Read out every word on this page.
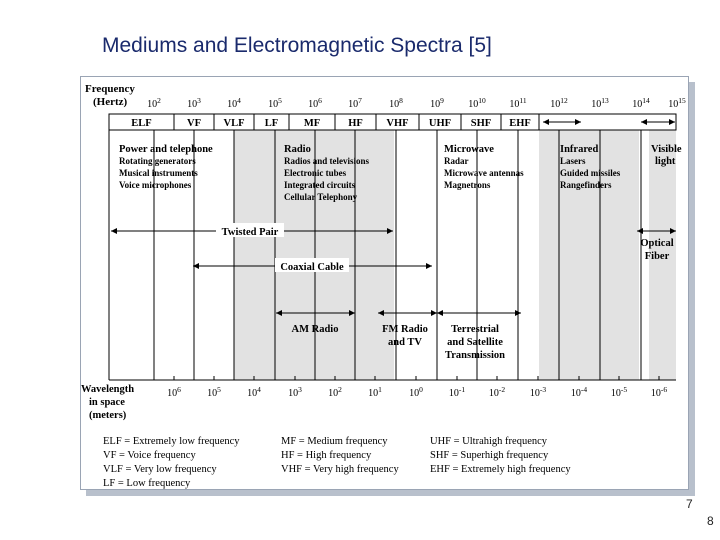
Mediums and Electromagnetic Spectra [5]
Frequency
(Hertz) $10^2$	$10^3$	$10^4$	$10^5$	$10^6$	$10^7$	$10^8$	$10^9$ $10^{10}$ $10^{11}$ $10^{12}$ $10^{13}$ $10^{14}$ $10^{15}$
ELF	VF VLF LF MF	HF VHF UHF SHF EHF
Power and telephone
Rotating generators
Musical instruments
Voice microphones
Radio
Radios and televisions
Electronic tubes
Integrated circuits
Cellular Telephony
Microwave
Radar
Microwave antennas
Magnetrons
Infrared
Lasers
Guided missiles
Rangefinders
Visible
light
Twisted Pair
Coaxial Cable
Optical
Fiber
AM Radio	FM Radio
and TV
Terrestrial
and Satellite
Transmission
Wavelength
in space
(meters)
$10^6$	$10^5$	$10^4$	$10^3$	$10^2$	$10^1$	$10^0$	$10^{-1}$ $10^{-2}$ $10^{-3}$ $10^{-4}$ $10^{-5}$ $10^{-6}$
ELF = Extremely low frequency	MF = Medium frequency	UHF = Ultrahigh frequency
VF = Voice frequency	HF = High frequency	SHF = Superhigh frequency
VLF = Very low frequency	VHF = Very high frequency	EHF = Extremely high frequency
LF = Low frequency
7
8
